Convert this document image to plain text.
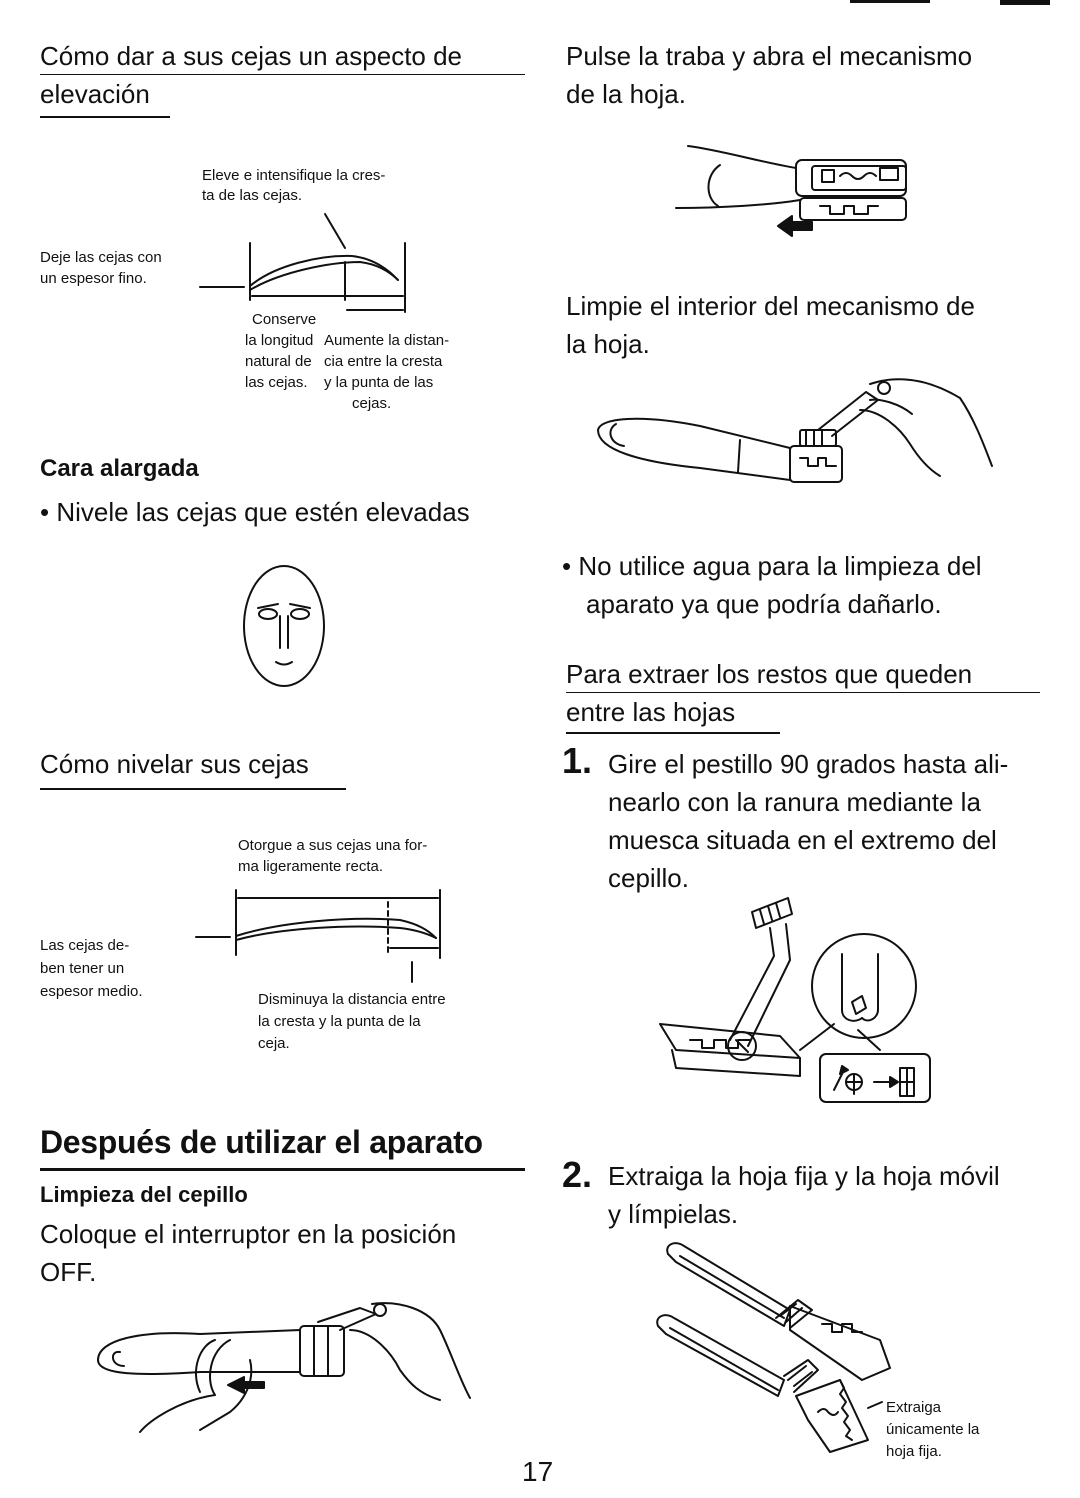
Cómo dar a sus cejas un aspecto de
elevación
Eleve e intensifique la cres-
ta de las cejas.
Deje las cejas con
un espesor fino.
Conserve
la longitud
natural de
las cejas.
Aumente la distan-
cia entre la cresta
y la punta de las
cejas.
Cara alargada
• Nivele las cejas que estén elevadas
Cómo nivelar sus cejas
Otorgue a sus cejas una for-
ma ligeramente recta.
Las cejas de-
ben tener un
espesor medio.	Disminuya la distancia entre
la cresta y la punta de la
ceja.
Después de utilizar el aparato
Limpieza del cepillo
Coloque el interruptor en la posición
OFF.
Pulse la traba y abra el mecanismo
de la hoja.
Limpie el interior del mecanismo de
la hoja.
• No utilice agua para la limpieza del
aparato ya que podría dañarlo.
Para extraer los restos que queden
entre las hojas
1. Gire el pestillo 90 grados hasta ali-
nearlo con la ranura mediante la
muesca situada en el extremo del
cepillo.
2. Extraiga la hoja fija y la hoja móvil
y límpielas.
Extraiga
únicamente la
hoja fija.
17
